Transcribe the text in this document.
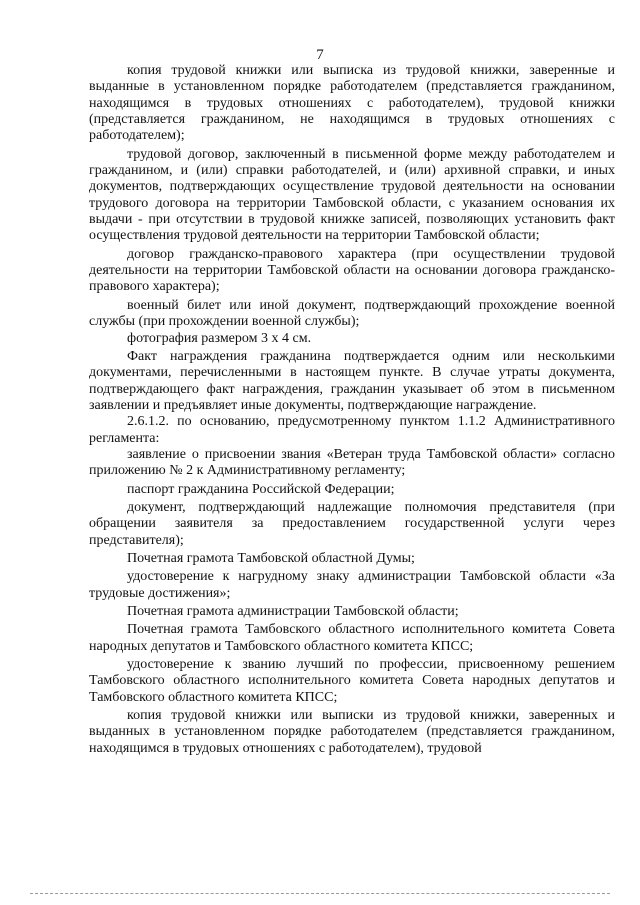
7

копия трудовой книжки или выписка из трудовой книжки, заверенные и выданные в установленном порядке работодателем (представляется гражданином, находящимся в трудовых отношениях с работодателем), трудовой книжки (представляется гражданином, не находящимся в трудовых отношениях с работодателем);

трудовой договор, заключенный в письменной форме между работодателем и гражданином, и (или) справки работодателей, и (или) архивной справки, и иных документов, подтверждающих осуществление трудовой деятельности на основании трудового договора на территории Тамбовской области, с указанием основания их выдачи - при отсутствии в трудовой книжке записей, позволяющих установить факт осуществления трудовой деятельности на территории Тамбовской области;

договор гражданско-правового характера (при осуществлении трудовой деятельности на территории Тамбовской области на основании договора гражданско-правового характера);

военный билет или иной документ, подтверждающий прохождение военной службы (при прохождении военной службы);

фотография размером 3 х 4 см.

Факт награждения гражданина подтверждается одним или несколькими документами, перечисленными в настоящем пункте. В случае утраты документа, подтверждающего факт награждения, гражданин указывает об этом в письменном заявлении и предъявляет иные документы, подтверждающие награждение.

2.6.1.2. по основанию, предусмотренному пунктом 1.1.2 Административного регламента:

заявление о присвоении звания «Ветеран труда Тамбовской области» согласно приложению № 2 к Административному регламенту;

паспорт гражданина Российской Федерации;

документ, подтверждающий надлежащие полномочия представителя (при обращении заявителя за предоставлением государственной услуги через представителя);

Почетная грамота Тамбовской областной Думы;

удостоверение к нагрудному знаку администрации Тамбовской области «За трудовые достижения»;

Почетная грамота администрации Тамбовской области;

Почетная грамота Тамбовского областного исполнительного комитета Совета народных депутатов и Тамбовского областного комитета КПСС;

удостоверение к званию лучший по профессии, присвоенному решением Тамбовского областного исполнительного комитета Совета народных депутатов и Тамбовского областного комитета КПСС;

копия трудовой книжки или выписки из трудовой книжки, заверенных и выданных в установленном порядке работодателем (представляется гражданином, находящимся в трудовых отношениях с работодателем), трудовой
